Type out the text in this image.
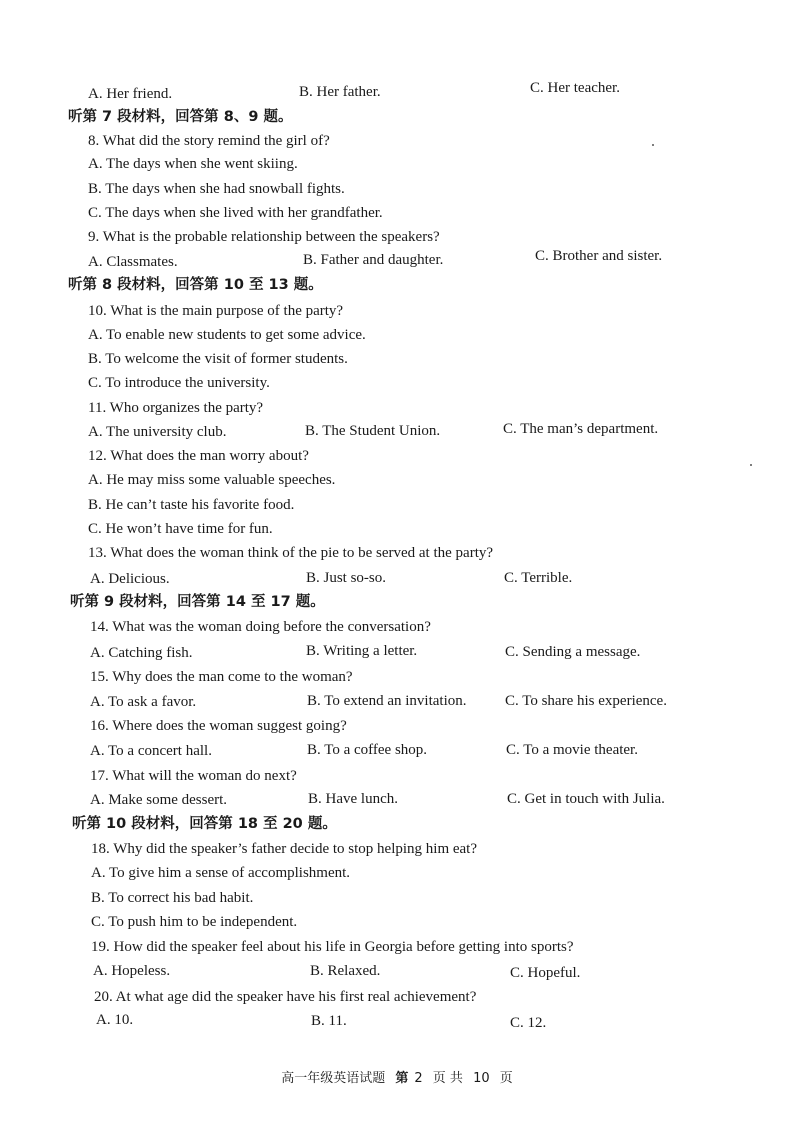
A. Her friend.	B. Her father.	C. Her teacher.
听第 7 段材料，回答第 8、9 题。
8. What did the story remind the girl of?
A. The days when she went skiing.
B. The days when she had snowball fights.
C. The days when she lived with her grandfather.
9. What is the probable relationship between the speakers?
A. Classmates.	B. Father and daughter.	C. Brother and sister.
听第 8 段材料，回答第 10 至 13 题。
10. What is the main purpose of the party?
A. To enable new students to get some advice.
B. To welcome the visit of former students.
C. To introduce the university.
11. Who organizes the party?
A. The university club.	B. The Student Union.	C. The man’s department.
12. What does the man worry about?
A. He may miss some valuable speeches.
B. He can’t taste his favorite food.
C. He won’t have time for fun.
13. What does the woman think of the pie to be served at the party?
A. Delicious.	B. Just so-so.	C. Terrible.
听第 9 段材料，回答第 14 至 17 题。
14. What was the woman doing before the conversation?
A. Catching fish.	B. Writing a letter.	C. Sending a message.
15. Why does the man come to the woman?
A. To ask a favor.	B. To extend an invitation.	C. To share his experience.
16. Where does the woman suggest going?
A. To a concert hall.	B. To a coffee shop.	C. To a movie theater.
17. What will the woman do next?
A. Make some dessert.	B. Have lunch.	C. Get in touch with Julia.
听第 10 段材料，回答第 18 至 20 题。
18. Why did the speaker’s father decide to stop helping him eat?
A. To give him a sense of accomplishment.
B. To correct his bad habit.
C. To push him to be independent.
19. How did the speaker feel about his life in Georgia before getting into sports?
A. Hopeless.	B. Relaxed.	C. Hopeful.
20. At what age did the speaker have his first real achievement?
A. 10.	B. 11.	C. 12.
高一年级英语试题 第 2 页 共 10 页
